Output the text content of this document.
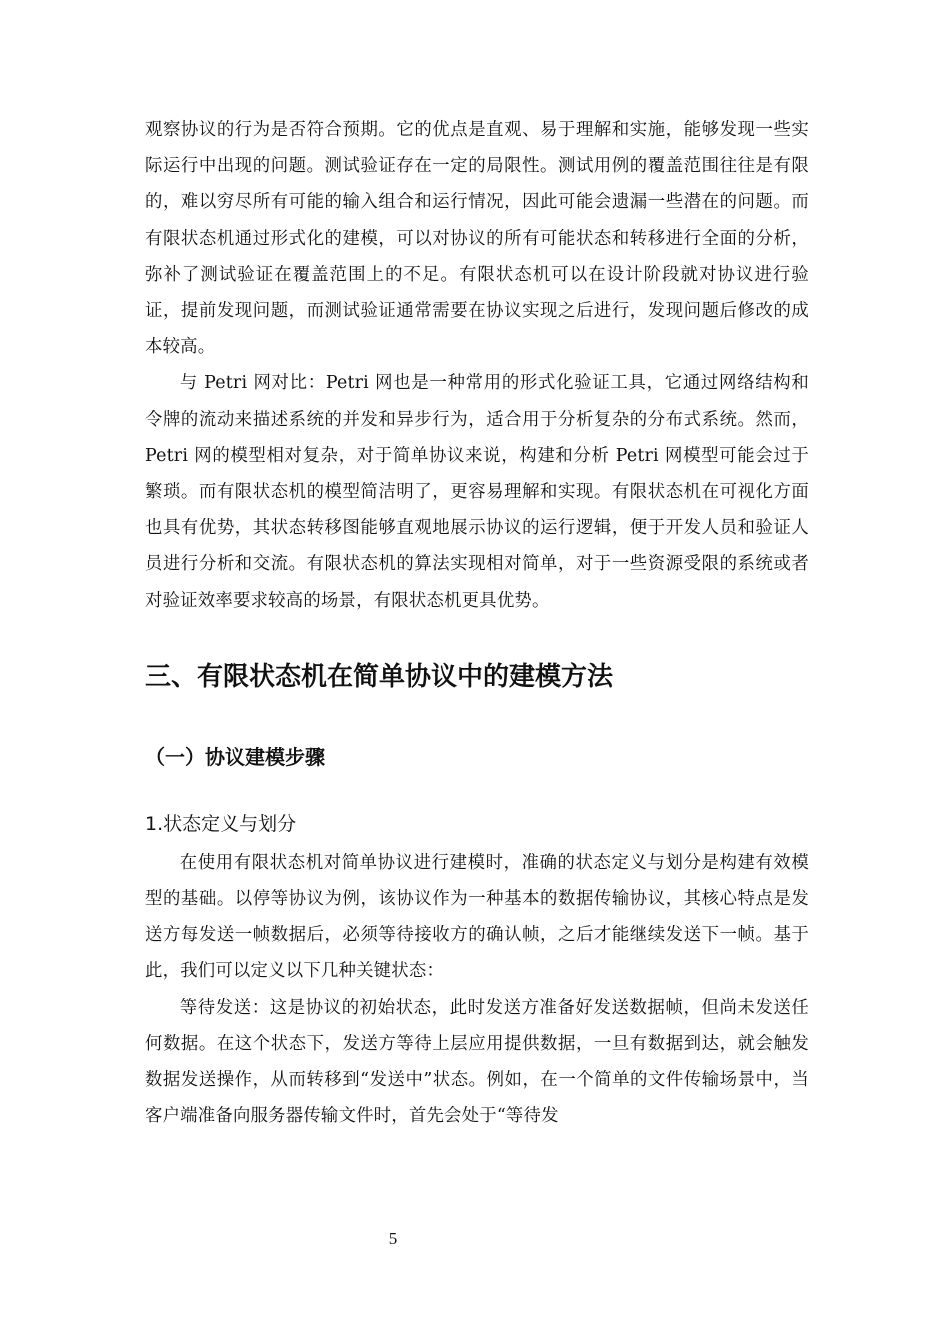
观察协议的行为是否符合预期。它的优点是直观、易于理解和实施，能够发现一些实际运行中出现的问题。测试验证存在一定的局限性。测试用例的覆盖范围往往是有限的，难以穷尽所有可能的输入组合和运行情况，因此可能会遗漏一些潜在的问题。而有限状态机通过形式化的建模，可以对协议的所有可能状态和转移进行全面的分析，弥补了测试验证在覆盖范围上的不足。有限状态机可以在设计阶段就对协议进行验证，提前发现问题，而测试验证通常需要在协议实现之后进行，发现问题后修改的成本较高。

与 Petri 网对比：Petri 网也是一种常用的形式化验证工具，它通过网络结构和令牌的流动来描述系统的并发和异步行为，适合用于分析复杂的分布式系统。然而，Petri 网的模型相对复杂，对于简单协议来说，构建和分析 Petri 网模型可能会过于繁琐。而有限状态机的模型简洁明了，更容易理解和实现。有限状态机在可视化方面也具有优势，其状态转移图能够直观地展示协议的运行逻辑，便于开发人员和验证人员进行分析和交流。有限状态机的算法实现相对简单，对于一些资源受限的系统或者对验证效率要求较高的场景，有限状态机更具优势。

三、有限状态机在简单协议中的建模方法
（一）协议建模步骤
1.状态定义与划分

在使用有限状态机对简单协议进行建模时，准确的状态定义与划分是构建有效模型的基础。以停等协议为例，该协议作为一种基本的数据传输协议，其核心特点是发送方每发送一帧数据后，必须等待接收方的确认帧，之后才能继续发送下一帧。基于此，我们可以定义以下几种关键状态：

等待发送：这是协议的初始状态，此时发送方准备好发送数据帧，但尚未发送任何数据。在这个状态下，发送方等待上层应用提供数据，一旦有数据到达，就会触发数据发送操作，从而转移到“发送中”状态。例如，在一个简单的文件传输场景中，当客户端准备向服务器传输文件时，首先会处于“等待发

5
